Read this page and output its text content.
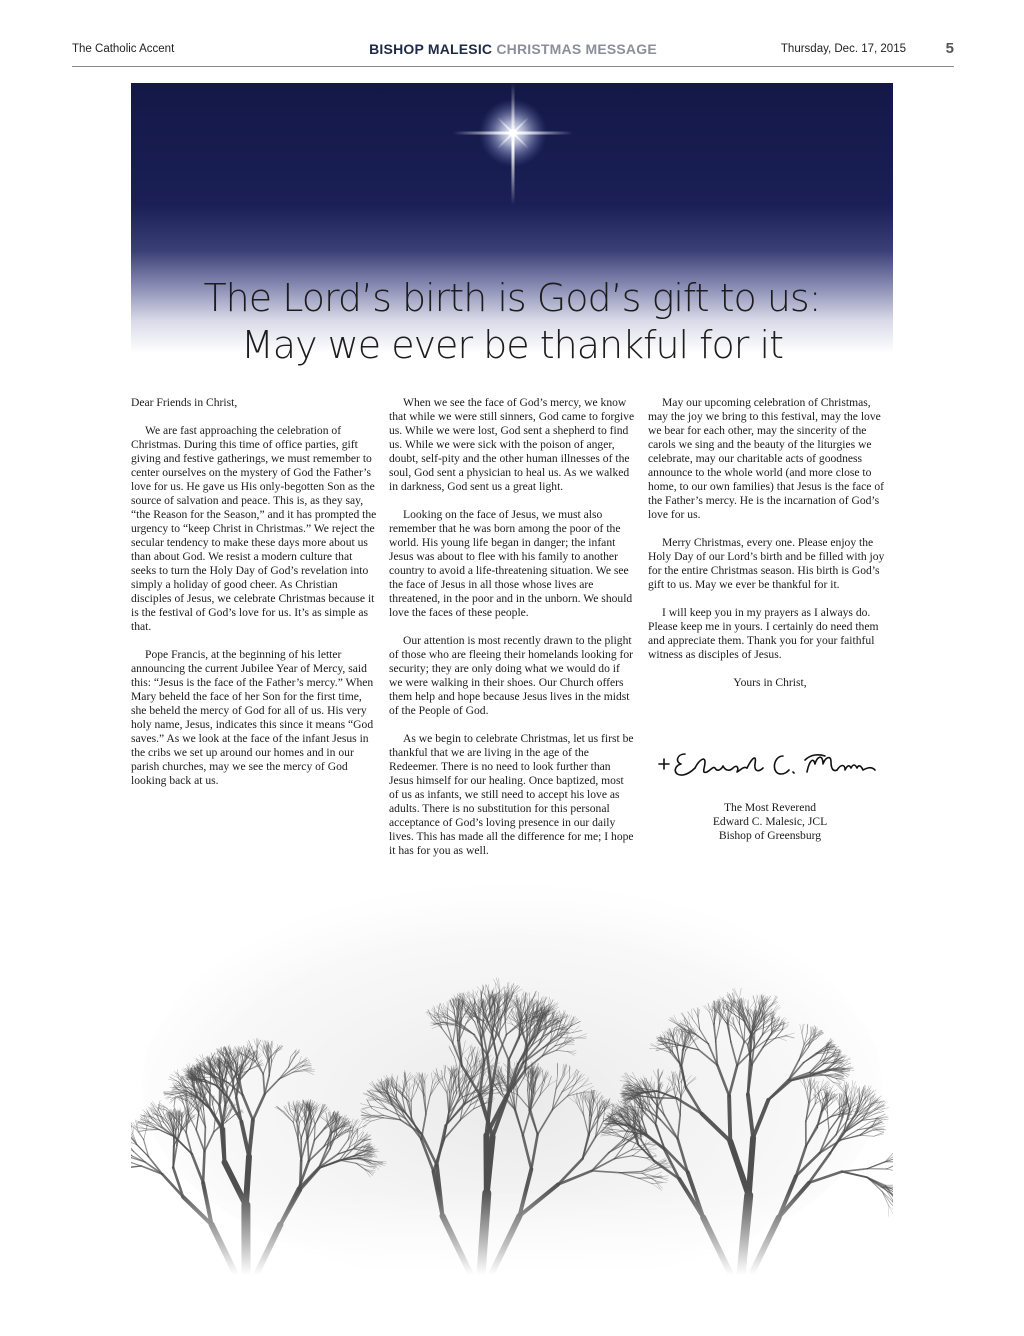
The Catholic Accent	BISHOP MALESIC CHRISTMAS MESSAGE	Thursday, Dec. 17, 2015	5
The Lord’s birth is God’s gift to us:
May we ever be thankful for it

Dear Friends in Christ,

We are fast approaching the celebration of Christmas. During this time of office parties, gift giving and festive gatherings, we must remember to center ourselves on the mystery of God the Father’s love for us. He gave us His only-begotten Son as the source of salvation and peace. This is, as they say, “the Reason for the Season,” and it has prompted the urgency to “keep Christ in Christmas.” We reject the secular tendency to make these days more about us than about God. We resist a modern culture that seeks to turn the Holy Day of God’s revelation into simply a holiday of good cheer. As Christian disciples of Jesus, we celebrate Christmas because it is the festival of God’s love for us. It’s as simple as that.

Pope Francis, at the beginning of his letter announcing the current Jubilee Year of Mercy, said this: “Jesus is the face of the Father’s mercy.” When Mary beheld the face of her Son for the first time, she beheld the mercy of God for all of us. His very holy name, Jesus, indicates this since it means “God saves.” As we look at the face of the infant Jesus in the cribs we set up around our homes and in our parish churches, may we see the mercy of God looking back at us.

When we see the face of God’s mercy, we know that while we were still sinners, God came to forgive us. While we were lost, God sent a shepherd to find us. While we were sick with the poison of anger, doubt, self-pity and the other human illnesses of the soul, God sent a physician to heal us. As we walked in darkness, God sent us a great light.

Looking on the face of Jesus, we must also remember that he was born among the poor of the world. His young life began in danger; the infant Jesus was about to flee with his family to another country to avoid a life-threatening situation. We see the face of Jesus in all those whose lives are threatened, in the poor and in the unborn. We should love the faces of these people.

Our attention is most recently drawn to the plight of those who are fleeing their homelands looking for security; they are only doing what we would do if we were walking in their shoes. Our Church offers them help and hope because Jesus lives in the midst of the People of God.

As we begin to celebrate Christmas, let us first be thankful that we are living in the age of the Redeemer. There is no need to look further than Jesus himself for our healing. Once baptized, most of us as infants, we still need to accept his love as adults. There is no substitution for this personal acceptance of God’s loving presence in our daily lives. This has made all the difference for me; I hope

May our upcoming celebration of Christmas, may the joy we bring to this festival, may the love we bear for each other, may the sincerity of the carols we sing and the beauty of the liturgies we celebrate, may our charitable acts of goodness announce to the whole world (and more close to home, to our own families) that Jesus is the face of the Father’s mercy. He is the incarnation of God’s love for us.

Merry Christmas, every one. Please enjoy the Holy Day of our Lord’s birth and be filled with joy for the entire Christmas season. His birth is God’s gift to us. May we ever be thankful for it.

I will keep you in my prayers as I always do. Please keep me in yours. I certainly do need them and appreciate them. Thank you for your faithful witness as disciples of Jesus.

Yours in Christ,

The Most Reverend
Edward C. Malesic, JCL
Bishop of Greensburg
